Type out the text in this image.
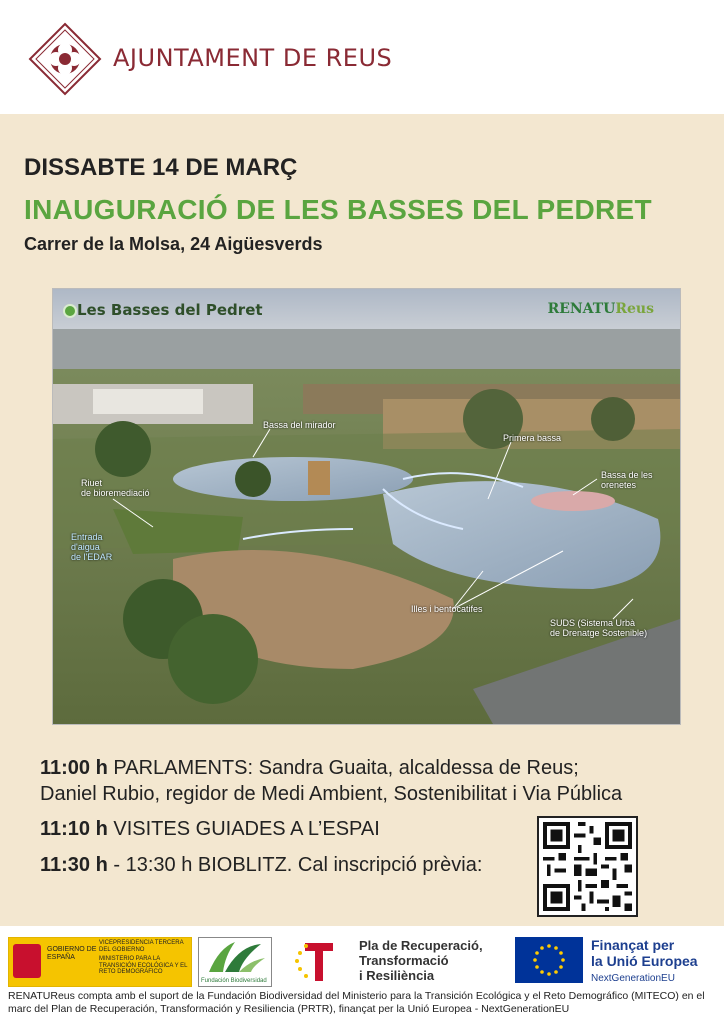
AJUNTAMENT DE REUS
DISSABTE 14 DE MARÇ
INAUGURACIÓ DE LES BASSES DEL PEDRET
Carrer de la Molsa, 24 Aigüesverds
Les Basses del Pedret	RENATUReus
Bassa del mirador
Primera bassa
Bassa de les
orenetes
Riuet
de bioremediació
Entrada
d'aigua
de l'EDAR
Illes i bentocatifes
SUDS (Sistema Urbà
de Drenatge Sostenible)
11:00 h PARLAMENTS: Sandra Guaita, alcaldessa de Reus;
Daniel Rubio, regidor de Medi Ambient, Sostenibilitat i Via Pública
11:10 h VISITES GUIADES A L’ESPAI
11:30 h - 13:30 h BIOBLITZ. Cal inscripció prèvia:
GOBIERNO DE ESPAÑA
VICEPRESIDENCIA TERCERA DEL GOBIERNO
MINISTERIO PARA LA TRANSICIÓN ECOLÓGICA Y EL RETO DEMOGRÁFICO
Fundación Biodiversidad
Pla de Recuperació,
Transformació
i Resiliència
Finançat per
la Unió Europea
NextGenerationEU
RENATUReus compta amb el suport de la Fundación Biodiversidad del Ministerio para la Transición Ecológica y el Reto Demográfico (MITECO) en el marc del Plan de Recuperación, Transformación y Resiliencia (PRTR), finançat per la Unió Europea - NextGenerationEU
